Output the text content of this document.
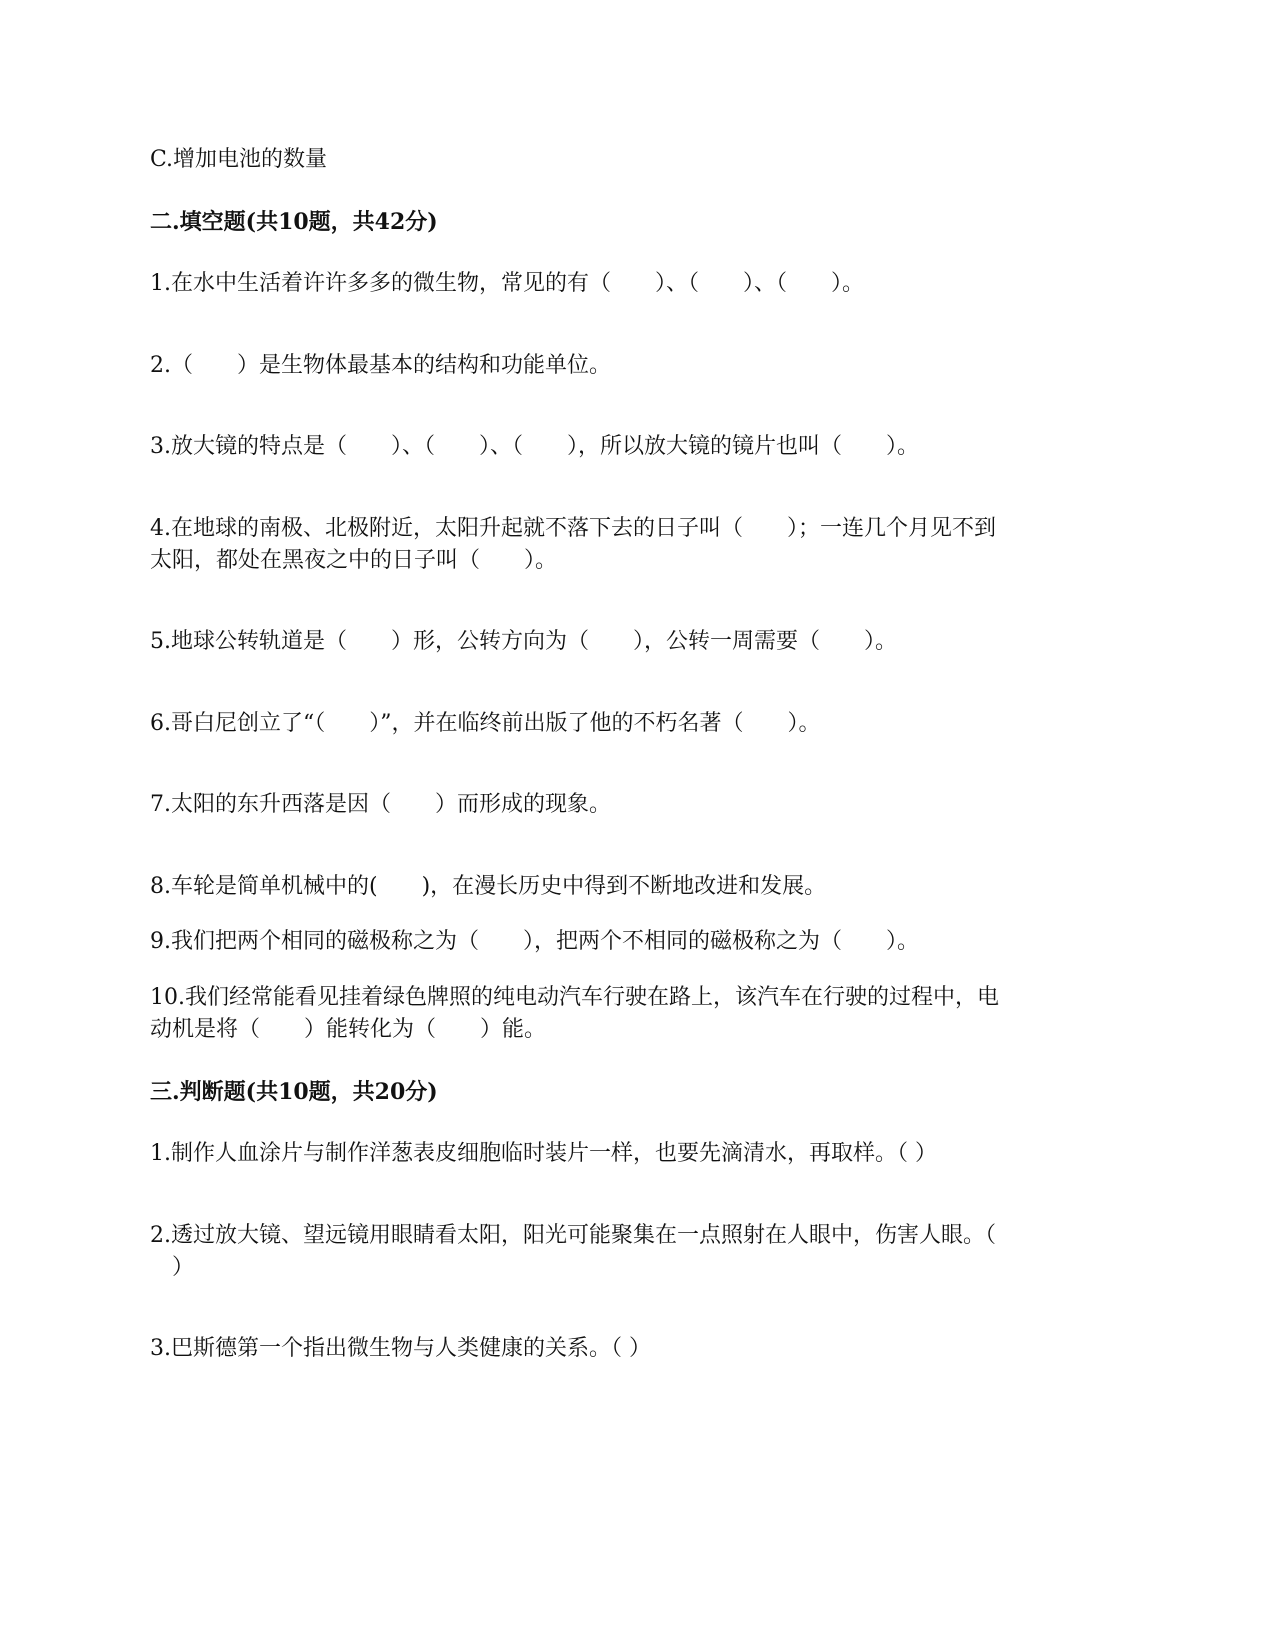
C.增加电池的数量
二.填空题(共10题，共42分)
1.在水中生活着许许多多的微生物，常见的有（　　）、（　　）、（　　）。
2.（　　）是生物体最基本的结构和功能单位。
3.放大镜的特点是（　　）、（　　）、（　　），所以放大镜的镜片也叫（　　）。
4.在地球的南极、北极附近，太阳升起就不落下去的日子叫（　　）；一连几个月见不到
太阳，都处在黑夜之中的日子叫（　　）。
5.地球公转轨道是（　　）形，公转方向为（　　），公转一周需要（　　）。
6.哥白尼创立了“（　　）”，并在临终前出版了他的不朽名著（　　）。
7.太阳的东升西落是因（　　）而形成的现象。
8.车轮是简单机械中的(　　)，在漫长历史中得到不断地改进和发展。
9.我们把两个相同的磁极称之为（　　），把两个不相同的磁极称之为（　　）。
10.我们经常能看见挂着绿色牌照的纯电动汽车行驶在路上，该汽车在行驶的过程中，电
动机是将（　　）能转化为（　　）能。
三.判断题(共10题，共20分)
1.制作人血涂片与制作洋葱表皮细胞临时装片一样，也要先滴清水，再取样。（ ）
2.透过放大镜、望远镜用眼睛看太阳，阳光可能聚集在一点照射在人眼中，伤害人眼。（
　）
3.巴斯德第一个指出微生物与人类健康的关系。（ ）
